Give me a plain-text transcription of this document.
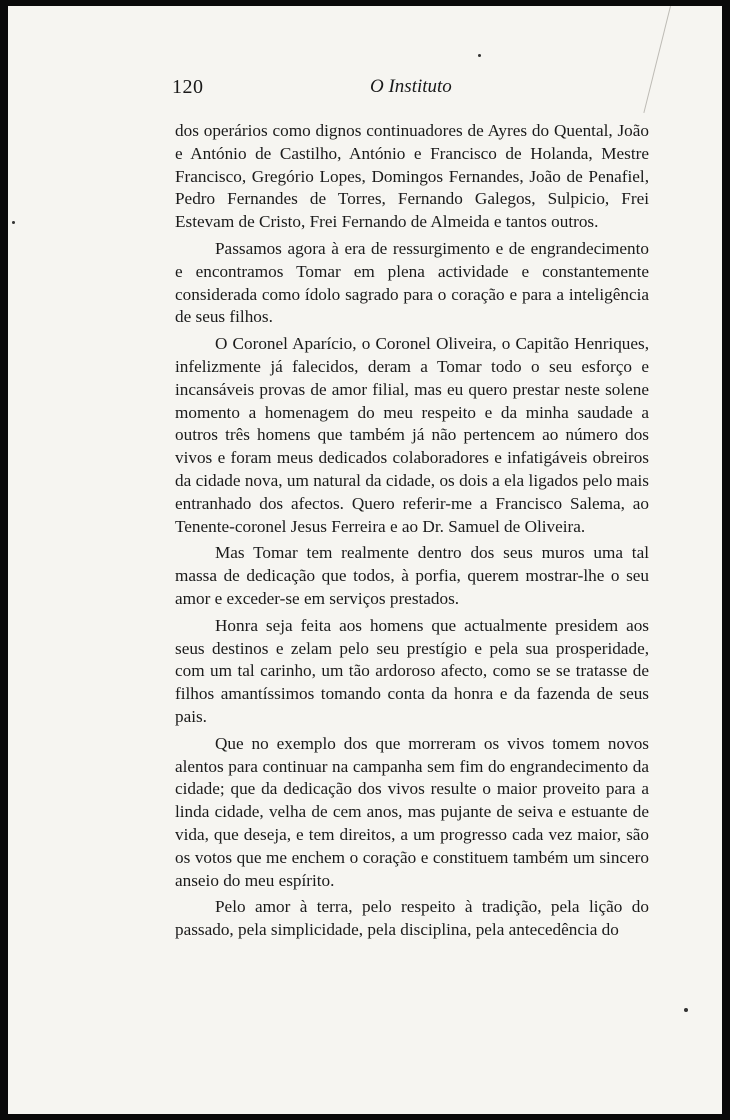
120	O Instituto

dos operários como dignos continuadores de Ayres do Quental, João e António de Castilho, António e Francisco de Holanda, Mestre Francisco, Gregório Lopes, Domingos Fernandes, João de Penafiel, Pedro Fernandes de Torres, Fernando Galegos, Sulpicio, Frei Estevam de Cristo, Frei Fernando de Almeida e tantos outros.

Passamos agora à era de ressurgimento e de engrandecimento e encontramos Tomar em plena actividade e constantemente considerada como ídolo sagrado para o coração e para a inteligência de seus filhos.

O Coronel Aparício, o Coronel Oliveira, o Capitão Henriques, infelizmente já falecidos, deram a Tomar todo o seu esforço e incansáveis provas de amor filial, mas eu quero prestar neste solene momento a homenagem do meu respeito e da minha saudade a outros três homens que também já não pertencem ao número dos vivos e foram meus dedicados colaboradores e infatigáveis obreiros da cidade nova, um natural da cidade, os dois a ela ligados pelo mais entranhado dos afectos. Quero referir-me a Francisco Salema, ao Tenente-coronel Jesus Ferreira e ao Dr. Samuel de Oliveira.

Mas Tomar tem realmente dentro dos seus muros uma tal massa de dedicação que todos, à porfia, querem mostrar-lhe o seu amor e exceder-se em serviços prestados.

Honra seja feita aos homens que actualmente presidem aos seus destinos e zelam pelo seu prestígio e pela sua prosperidade, com um tal carinho, um tão ardoroso afecto, como se se tratasse de filhos amantíssimos tomando conta da honra e da fazenda de seus pais.

Que no exemplo dos que morreram os vivos tomem novos alentos para continuar na campanha sem fim do engrandecimento da cidade; que da dedicação dos vivos resulte o maior proveito para a linda cidade, velha de cem anos, mas pujante de seiva e estuante de vida, que deseja, e tem direitos, a um progresso cada vez maior, são os votos que me enchem o coração e constituem também um sincero anseio do meu espírito.

Pelo amor à terra, pelo respeito à tradição, pela lição do passado, pela simplicidade, pela disciplina, pela antecedência do
